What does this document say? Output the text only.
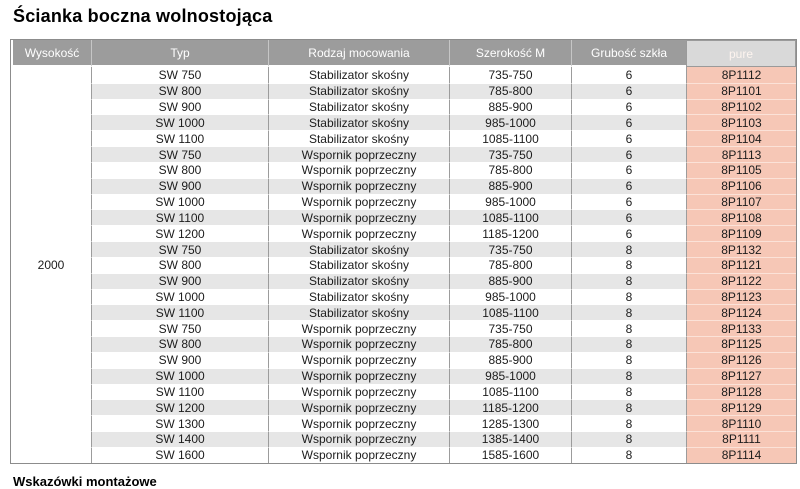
Ścianka boczna wolnostojąca
Wysokość	Typ	Rodzaj mocowania	Szerokość M	Grubość szkła	pure
2000	SW 750	Stabilizator skośny	735-750	6	8P1112
	SW 800	Stabilizator skośny	785-800	6	8P1101
	SW 900	Stabilizator skośny	885-900	6	8P1102
	SW 1000	Stabilizator skośny	985-1000	6	8P1103
	SW 1100	Stabilizator skośny	1085-1100	6	8P1104
	SW 750	Wspornik poprzeczny	735-750	6	8P1113
	SW 800	Wspornik poprzeczny	785-800	6	8P1105
	SW 900	Wspornik poprzeczny	885-900	6	8P1106
	SW 1000	Wspornik poprzeczny	985-1000	6	8P1107
	SW 1100	Wspornik poprzeczny	1085-1100	6	8P1108
	SW 1200	Wspornik poprzeczny	1185-1200	6	8P1109
	SW 750	Stabilizator skośny	735-750	8	8P1132
	SW 800	Stabilizator skośny	785-800	8	8P1121
	SW 900	Stabilizator skośny	885-900	8	8P1122
	SW 1000	Stabilizator skośny	985-1000	8	8P1123
	SW 1100	Stabilizator skośny	1085-1100	8	8P1124
	SW 750	Wspornik poprzeczny	735-750	8	8P1133
	SW 800	Wspornik poprzeczny	785-800	8	8P1125
	SW 900	Wspornik poprzeczny	885-900	8	8P1126
	SW 1000	Wspornik poprzeczny	985-1000	8	8P1127
	SW 1100	Wspornik poprzeczny	1085-1100	8	8P1128
	SW 1200	Wspornik poprzeczny	1185-1200	8	8P1129
	SW 1300	Wspornik poprzeczny	1285-1300	8	8P1110
	SW 1400	Wspornik poprzeczny	1385-1400	8	8P1111
	SW 1600	Wspornik poprzeczny	1585-1600	8	8P1114
Wskazówki montażowe
